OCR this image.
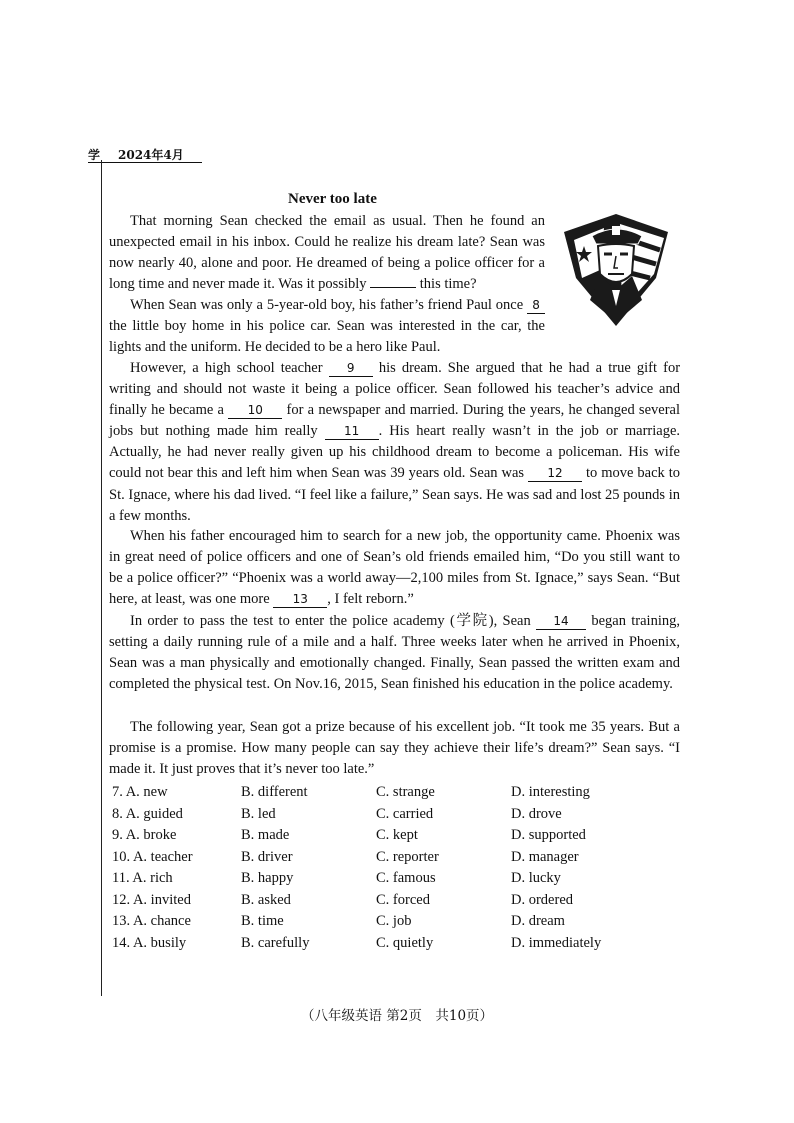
学 2024年4月
Never too late

That morning Sean checked the email as usual. Then he found an unexpected email in his inbox. Could he realize his dream late? Sean was now nearly 40, alone and poor. He dreamed of being a police officer for a long time and never made it. Was it possibly	this time?

When Sean was only a 5-year-old boy, his father’s friend Paul once 8 the little boy home in his police car. Sean was interested in the car, the lights and the uniform. He decided to be a hero like Paul.

However, a high school teacher 9 his dream. She argued that he had a true gift for writing and should not waste it being a police officer. Sean followed his teacher’s advice and finally he became a 10 for a newspaper and married. During the years, he changed several jobs but nothing made him really 11 . His heart really wasn’t in the job or marriage. Actually, he had never really given up his childhood dream to become a policeman. His wife could not bear this and left him when Sean was 39 years old. Sean was 12 to move back to St. Ignace, where his dad lived. “I feel like a failure,” Sean says. He was sad and lost 25 pounds in a few months.

When his father encouraged him to search for a new job, the opportunity came. Phoenix was in great need of police officers and one of Sean’s old friends emailed him, “Do you still want to be a police officer?” “Phoenix was a world away—2,100 miles from St. Ignace,” says Sean. “But here, at least, was one more 13 , I felt reborn.”

In order to pass the test to enter the police academy (学院), Sean 14 began training, setting a daily running rule of a mile and a half. Three weeks later when he arrived in Phoenix, Sean was a man physically and emotionally changed. Finally, Sean passed the written exam and completed the physical test. On Nov.16, 2015, Sean finished his education in the police academy.

The following year, Sean got a prize because of his excellent job. “It took me 35 years. But a promise is a promise. How many people can say they achieve their life’s dream?” Sean says. “I made it. It just proves that it’s never too late.”

7. A. new	B. different	C. strange	D. interesting
8. A. guided	B. led	C. carried	D. drove
9. A. broke	B. made	C. kept	D. supported
10. A. teacher	B. driver	C. reporter	D. manager
11. A. rich	B. happy	C. famous	D. lucky
12. A. invited	B. asked	C. forced	D. ordered
13. A. chance	B. time	C. job	D. dream
14. A. busily	B. carefully	C. quietly	D. immediately
（八年级英语 第2页　共10页）
